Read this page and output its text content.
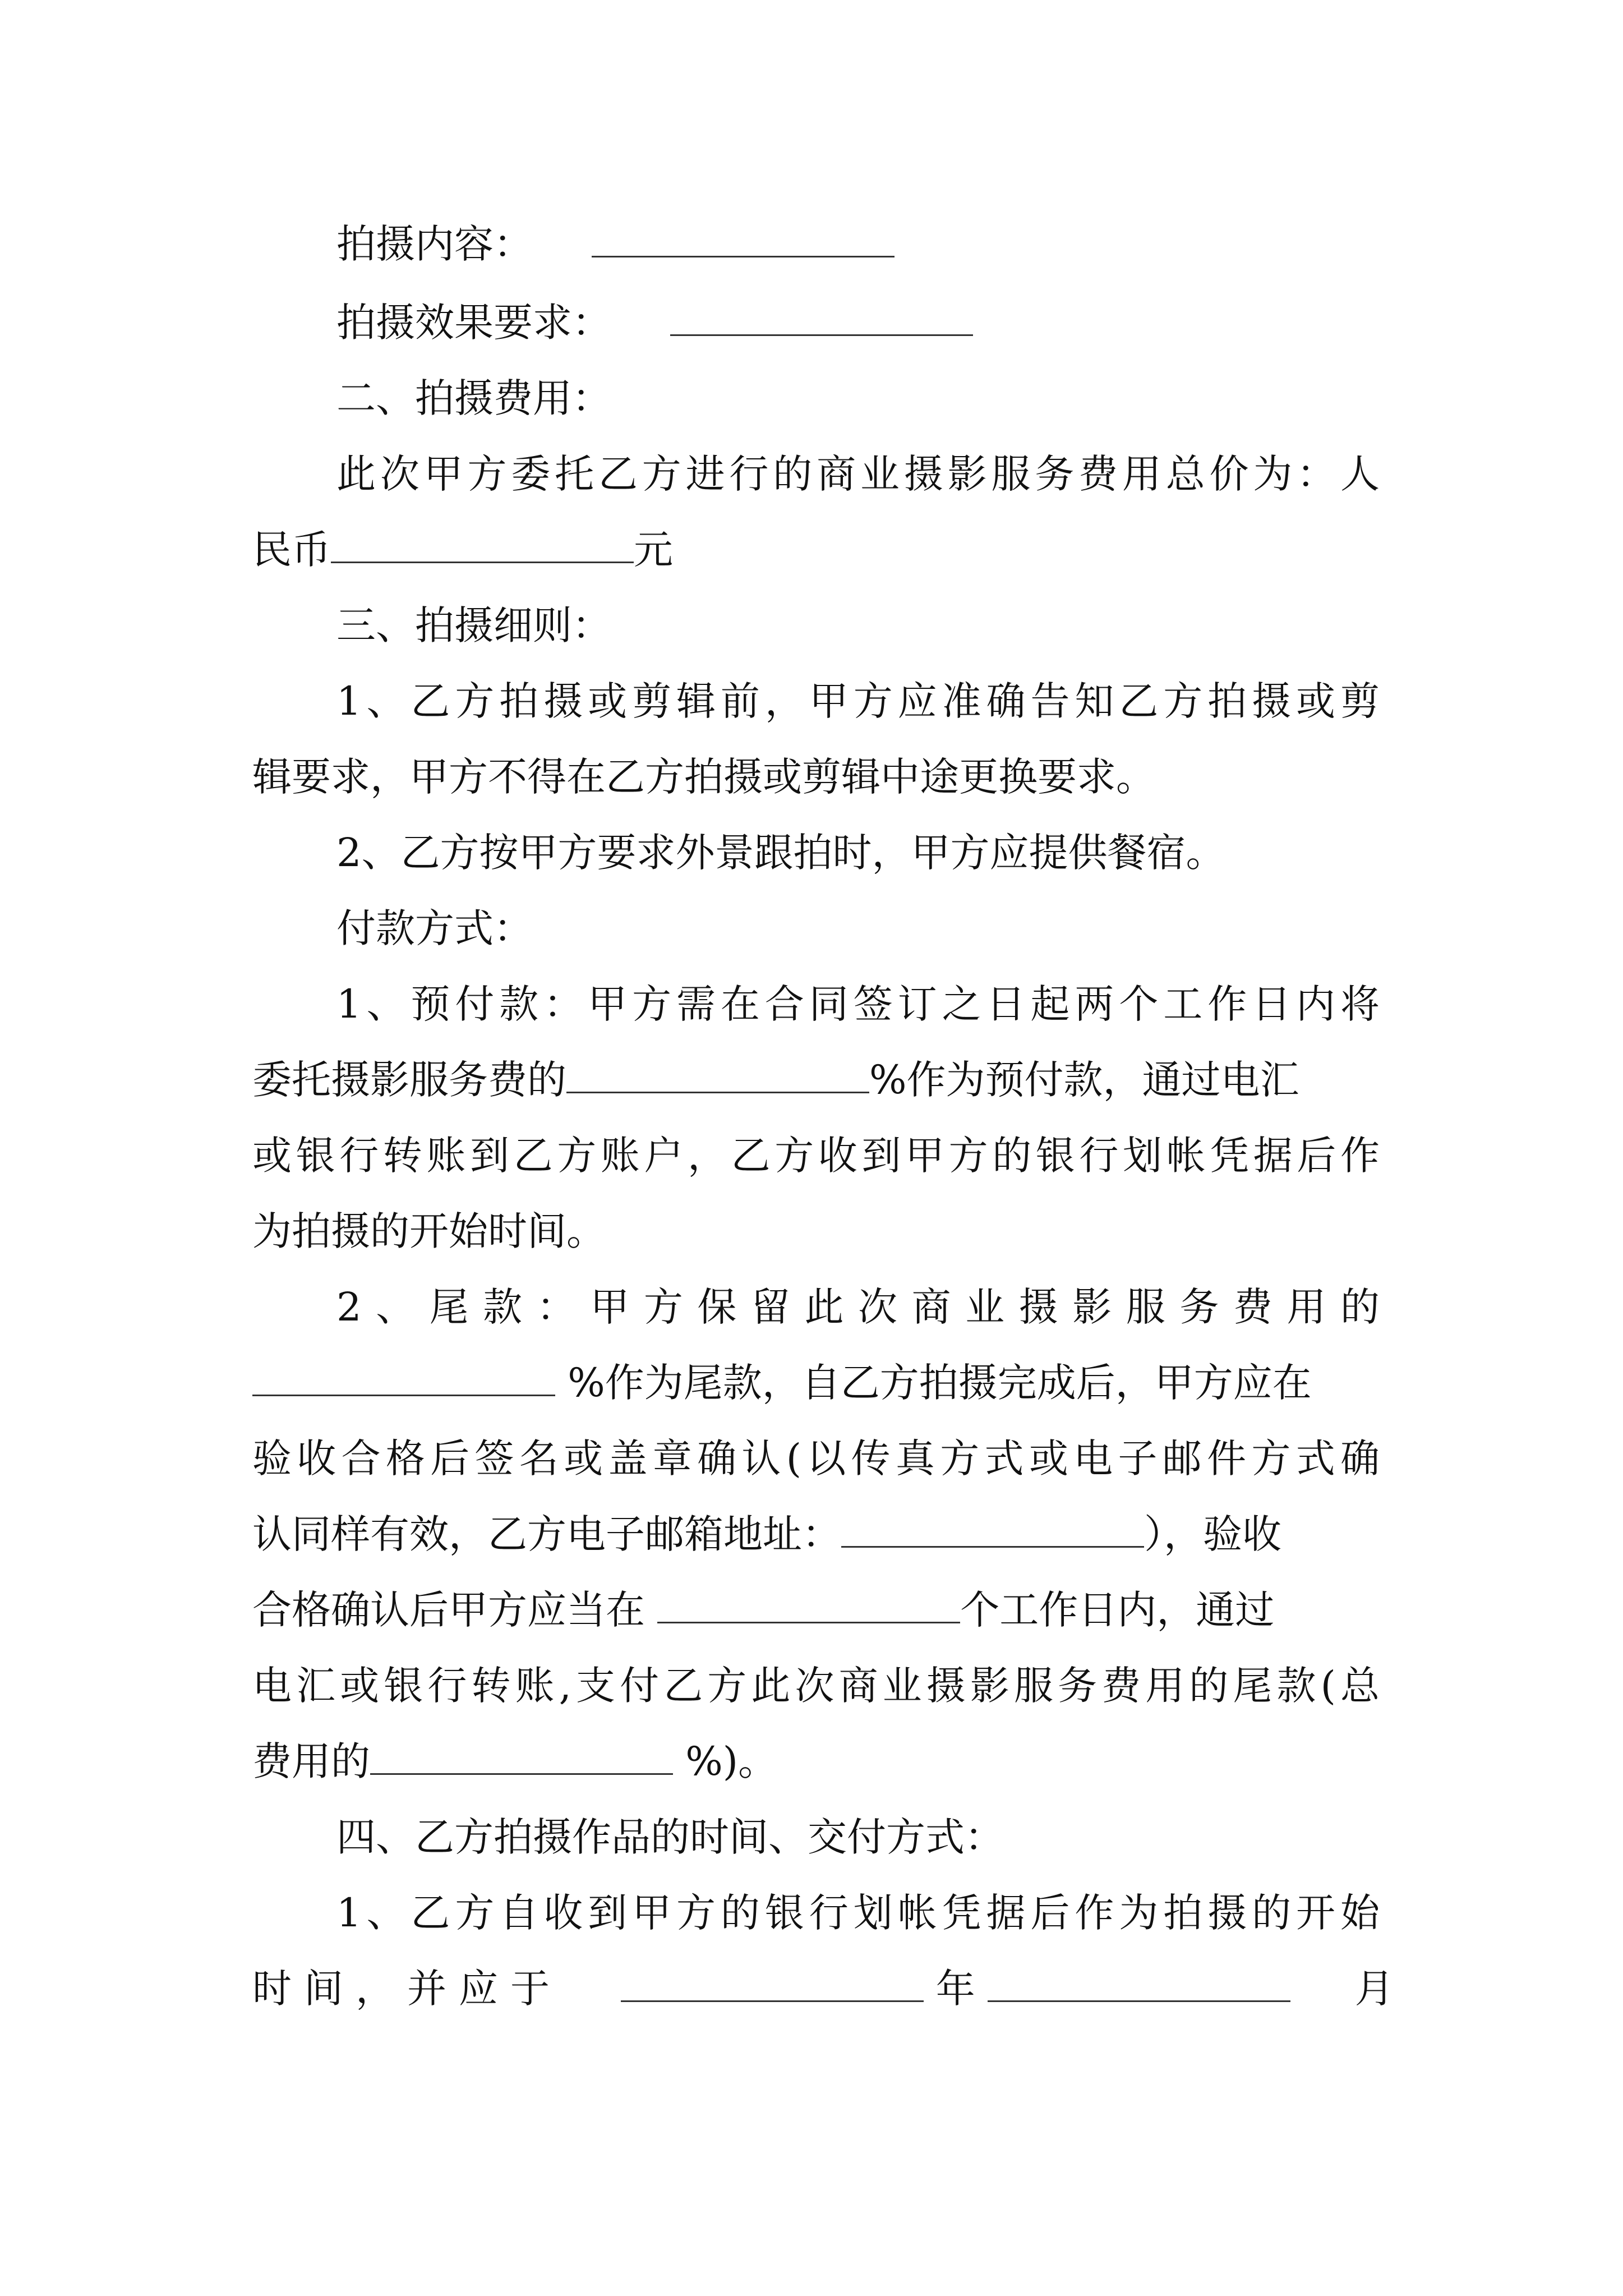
拍摄内容：
拍摄效果要求：
二、拍摄费用：
此次甲方委托乙方进行的商业摄影服务费用总价为：人
民币	元
三、拍摄细则：
1、乙方拍摄或剪辑前，甲方应准确告知乙方拍摄或剪
辑要求，甲方不得在乙方拍摄或剪辑中途更换要求。
2、乙方按甲方要求外景跟拍时，甲方应提供餐宿。
付款方式：
1、预付款：甲方需在合同签订之日起两个工作日内将
委托摄影服务费的	%作为预付款，通过电汇
或银行转账到乙方账户，乙方收到甲方的银行划帐凭据后作
为拍摄的开始时间。
2、尾款：甲方保留此次商业摄影服务费用的
%作为尾款，自乙方拍摄完成后，甲方应在
验收合格后签名或盖章确认(以传真方式或电子邮件方式确
认同样有效，乙方电子邮箱地址：	），验收
合格确认后甲方应当在	个工作日内，通过
电汇或银行转账,支付乙方此次商业摄影服务费用的尾款(总
费用的	%)。
四、乙方拍摄作品的时间、交付方式：
1、乙方自收到甲方的银行划帐凭据后作为拍摄的开始
时间，并应于	年	月
